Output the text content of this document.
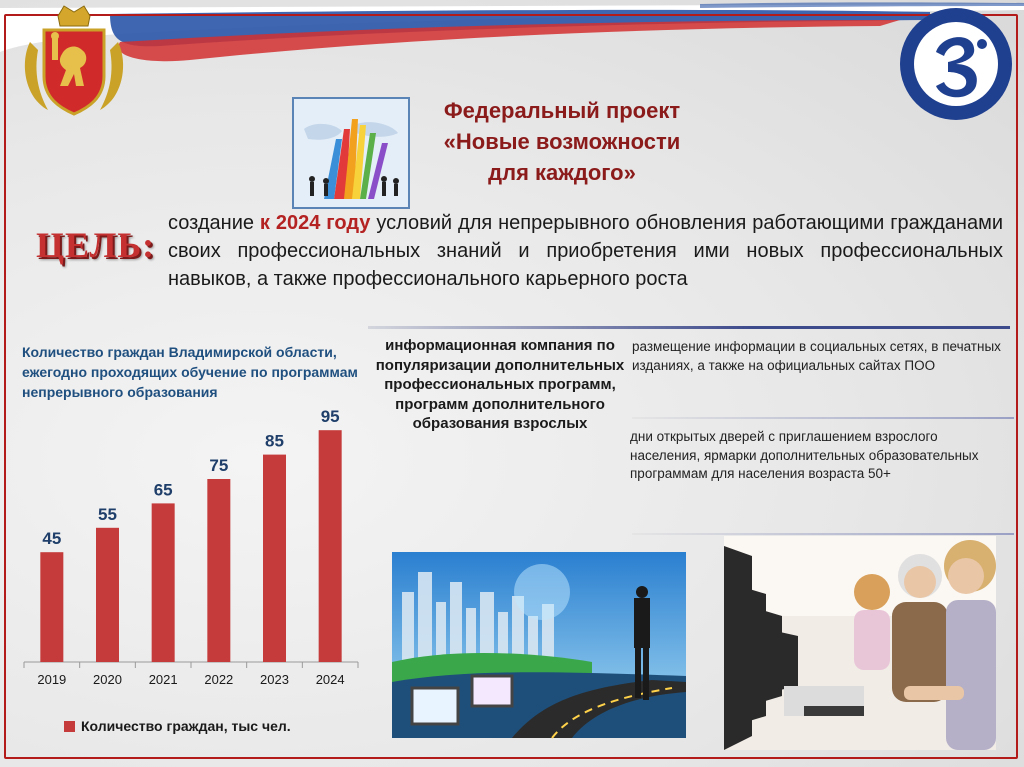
Федеральный проект
«Новые возможности
для каждого»
ЦЕЛЬ:
создание к 2024 году условий для непрерывного обновления работающими гражданами своих профессиональных знаний и приобретения ими новых профессиональных навыков, а также профессионального карьерного роста
Количество граждан Владимирской области, ежегодно проходящих обучение по программам непрерывного образования
45
2019
55
2020
65
2021
75
2022
85
2023
95
2024
Количество граждан, тыс чел.
информационная компания по популяризации дополнительных профессиональных программ, программ дополнительного образования взрослых
размещение информации в социальных сетях, в печатных изданиях, а также на официальных сайтах ПОО
дни открытых дверей с приглашением взрослого населения, ярмарки дополнительных образовательных программам для населения возраста 50+
